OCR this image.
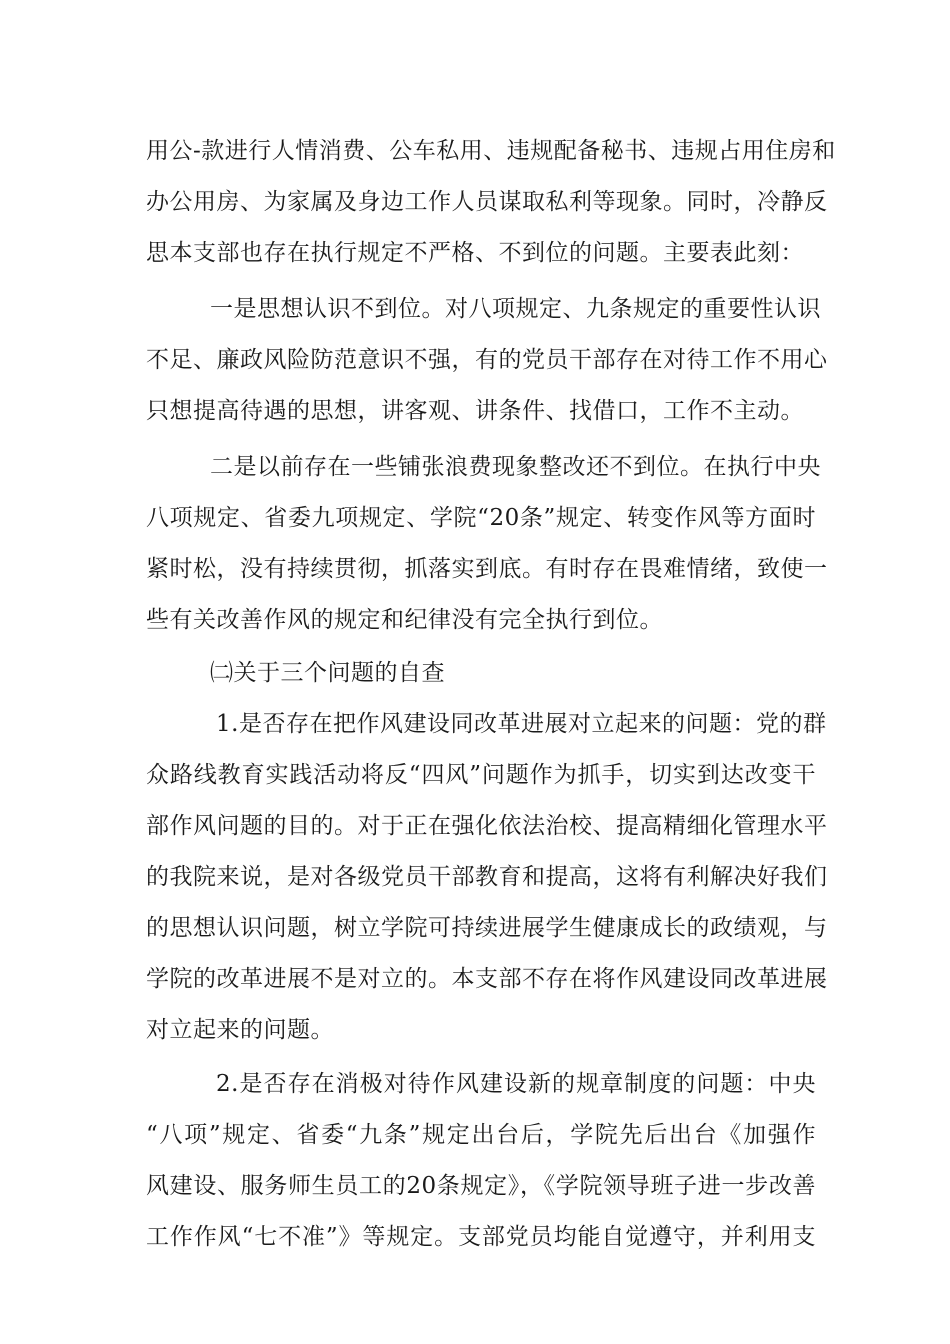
用公-款进行人情消费、公车私用、违规配备秘书、违规占用住房和
办公用房、为家属及身边工作人员谋取私利等现象。同时，冷静反
思本支部也存在执行规定不严格、不到位的问题。主要表此刻：
一是思想认识不到位。对八项规定、九条规定的重要性认识
不足、廉政风险防范意识不强，有的党员干部存在对待工作不用心
只想提高待遇的思想，讲客观、讲条件、找借口，工作不主动。
二是以前存在一些铺张浪费现象整改还不到位。在执行中央
八项规定、省委九项规定、学院“20条”规定、转变作风等方面时
紧时松，没有持续贯彻，抓落实到底。有时存在畏难情绪，致使一
些有关改善作风的规定和纪律没有完全执行到位。
㈡关于三个问题的自查
1.是否存在把作风建设同改革进展对立起来的问题：党的群
众路线教育实践活动将反“四风”问题作为抓手，切实到达改变干
部作风问题的目的。对于正在强化依法治校、提高精细化管理水平
的我院来说，是对各级党员干部教育和提高，这将有利解决好我们
的思想认识问题，树立学院可持续进展学生健康成长的政绩观，与
学院的改革进展不是对立的。本支部不存在将作风建设同改革进展
对立起来的问题。
2.是否存在消极对待作风建设新的规章制度的问题：中央
“八项”规定、省委“九条”规定出台后，学院先后出台《加强作
风建设、服务师生员工的20条规定》，《学院领导班子进一步改善
工作作风“七不准”》等规定。支部党员均能自觉遵守，并利用支
